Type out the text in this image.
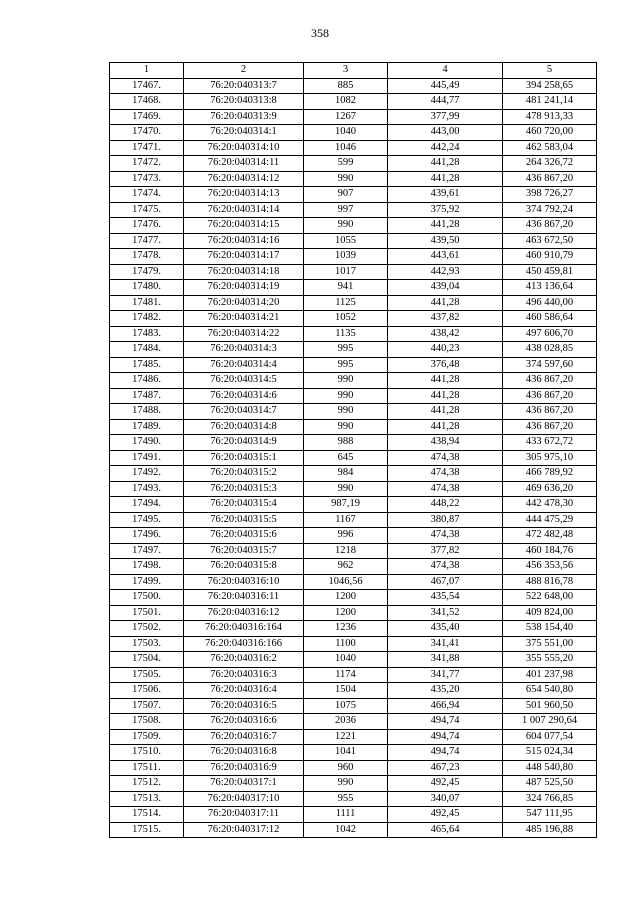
358
1	2	3	4	5
17467.	76:20:040313:7	885	445,49	394 258,65
17468.	76:20:040313:8	1082	444,77	481 241,14
17469.	76:20:040313:9	1267	377,99	478 913,33
17470.	76:20:040314:1	1040	443,00	460 720,00
17471.	76:20:040314:10	1046	442,24	462 583,04
17472.	76:20:040314:11	599	441,28	264 326,72
17473.	76:20:040314:12	990	441,28	436 867,20
17474.	76:20:040314:13	907	439,61	398 726,27
17475.	76:20:040314:14	997	375,92	374 792,24
17476.	76:20:040314:15	990	441,28	436 867,20
17477.	76:20:040314:16	1055	439,50	463 672,50
17478.	76:20:040314:17	1039	443,61	460 910,79
17479.	76:20:040314:18	1017	442,93	450 459,81
17480.	76:20:040314:19	941	439,04	413 136,64
17481.	76:20:040314:20	1125	441,28	496 440,00
17482.	76:20:040314:21	1052	437,82	460 586,64
17483.	76:20:040314:22	1135	438,42	497 606,70
17484.	76:20:040314:3	995	440,23	438 028,85
17485.	76:20:040314:4	995	376,48	374 597,60
17486.	76:20:040314:5	990	441,28	436 867,20
17487.	76:20:040314:6	990	441,28	436 867,20
17488.	76:20:040314:7	990	441,28	436 867,20
17489.	76:20:040314:8	990	441,28	436 867,20
17490.	76:20:040314:9	988	438,94	433 672,72
17491.	76:20:040315:1	645	474,38	305 975,10
17492.	76:20:040315:2	984	474,38	466 789,92
17493.	76:20:040315:3	990	474,38	469 636,20
17494.	76:20:040315:4	987,19	448,22	442 478,30
17495.	76:20:040315:5	1167	380,87	444 475,29
17496.	76:20:040315:6	996	474,38	472 482,48
17497.	76:20:040315:7	1218	377,82	460 184,76
17498.	76:20:040315:8	962	474,38	456 353,56
17499.	76:20:040316:10	1046,56	467,07	488 816,78
17500.	76:20:040316:11	1200	435,54	522 648,00
17501.	76:20:040316:12	1200	341,52	409 824,00
17502.	76:20:040316:164	1236	435,40	538 154,40
17503.	76:20:040316:166	1100	341,41	375 551,00
17504.	76:20:040316:2	1040	341,88	355 555,20
17505.	76:20:040316:3	1174	341,77	401 237,98
17506.	76:20:040316:4	1504	435,20	654 540,80
17507.	76:20:040316:5	1075	466,94	501 960,50
17508.	76:20:040316:6	2036	494,74	1 007 290,64
17509.	76:20:040316:7	1221	494,74	604 077,54
17510.	76:20:040316:8	1041	494,74	515 024,34
17511.	76:20:040316:9	960	467,23	448 540,80
17512.	76:20:040317:1	990	492,45	487 525,50
17513.	76:20:040317:10	955	340,07	324 766,85
17514.	76:20:040317:11	1111	492,45	547 111,95
17515.	76:20:040317:12	1042	465,64	485 196,88
